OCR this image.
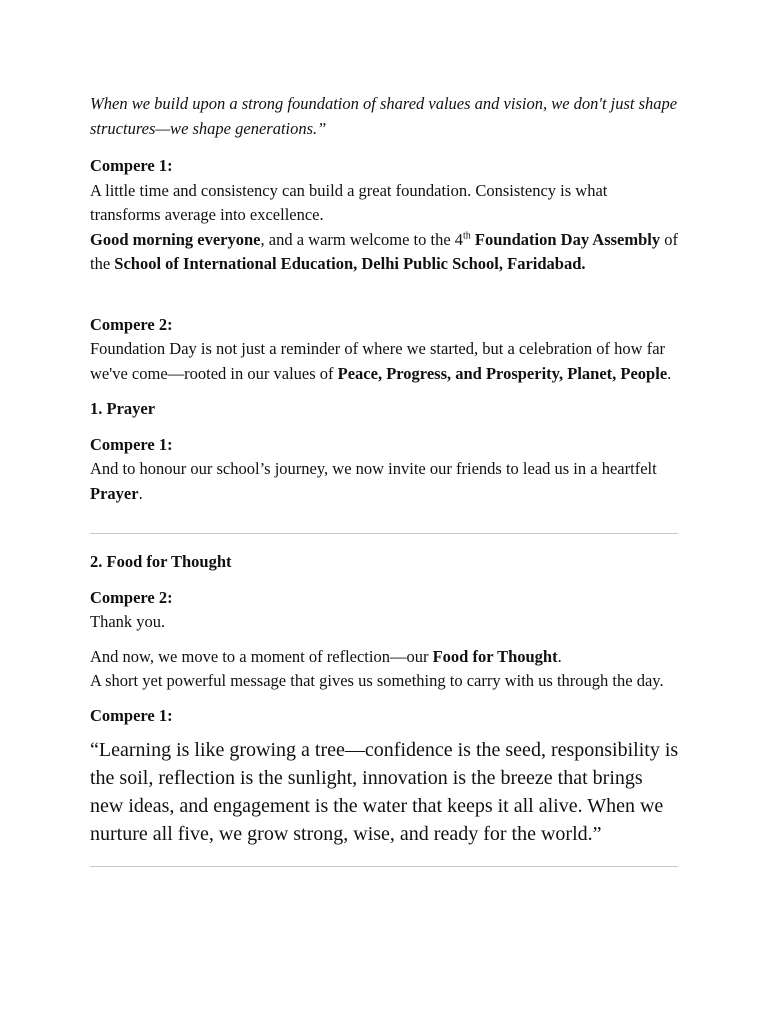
When we build upon a strong foundation of shared values and vision, we don't just shape structures—we shape generations.”

Compere 1:

A little time and consistency can build a great foundation. Consistency is what transforms average into excellence.

Good morning everyone, and a warm welcome to the 4th Foundation Day Assembly of the School of International Education, Delhi Public School, Faridabad.

Compere 2:

Foundation Day is not just a reminder of where we started, but a celebration of how far we've come—rooted in our values of Peace, Progress, and Prosperity, Planet, People.

1. Prayer

Compere 1:

And to honour our school’s journey, we now invite our friends to lead us in a heartfelt Prayer.

2. Food for Thought

Compere 2:

Thank you.

And now, we move to a moment of reflection—our Food for Thought.

A short yet powerful message that gives us something to carry with us through the day.

Compere 1:

“Learning is like growing a tree—confidence is the seed, responsibility is the soil, reflection is the sunlight, innovation is the breeze that brings new ideas, and engagement is the water that keeps it all alive. When we nurture all five, we grow strong, wise, and ready for the world.”
